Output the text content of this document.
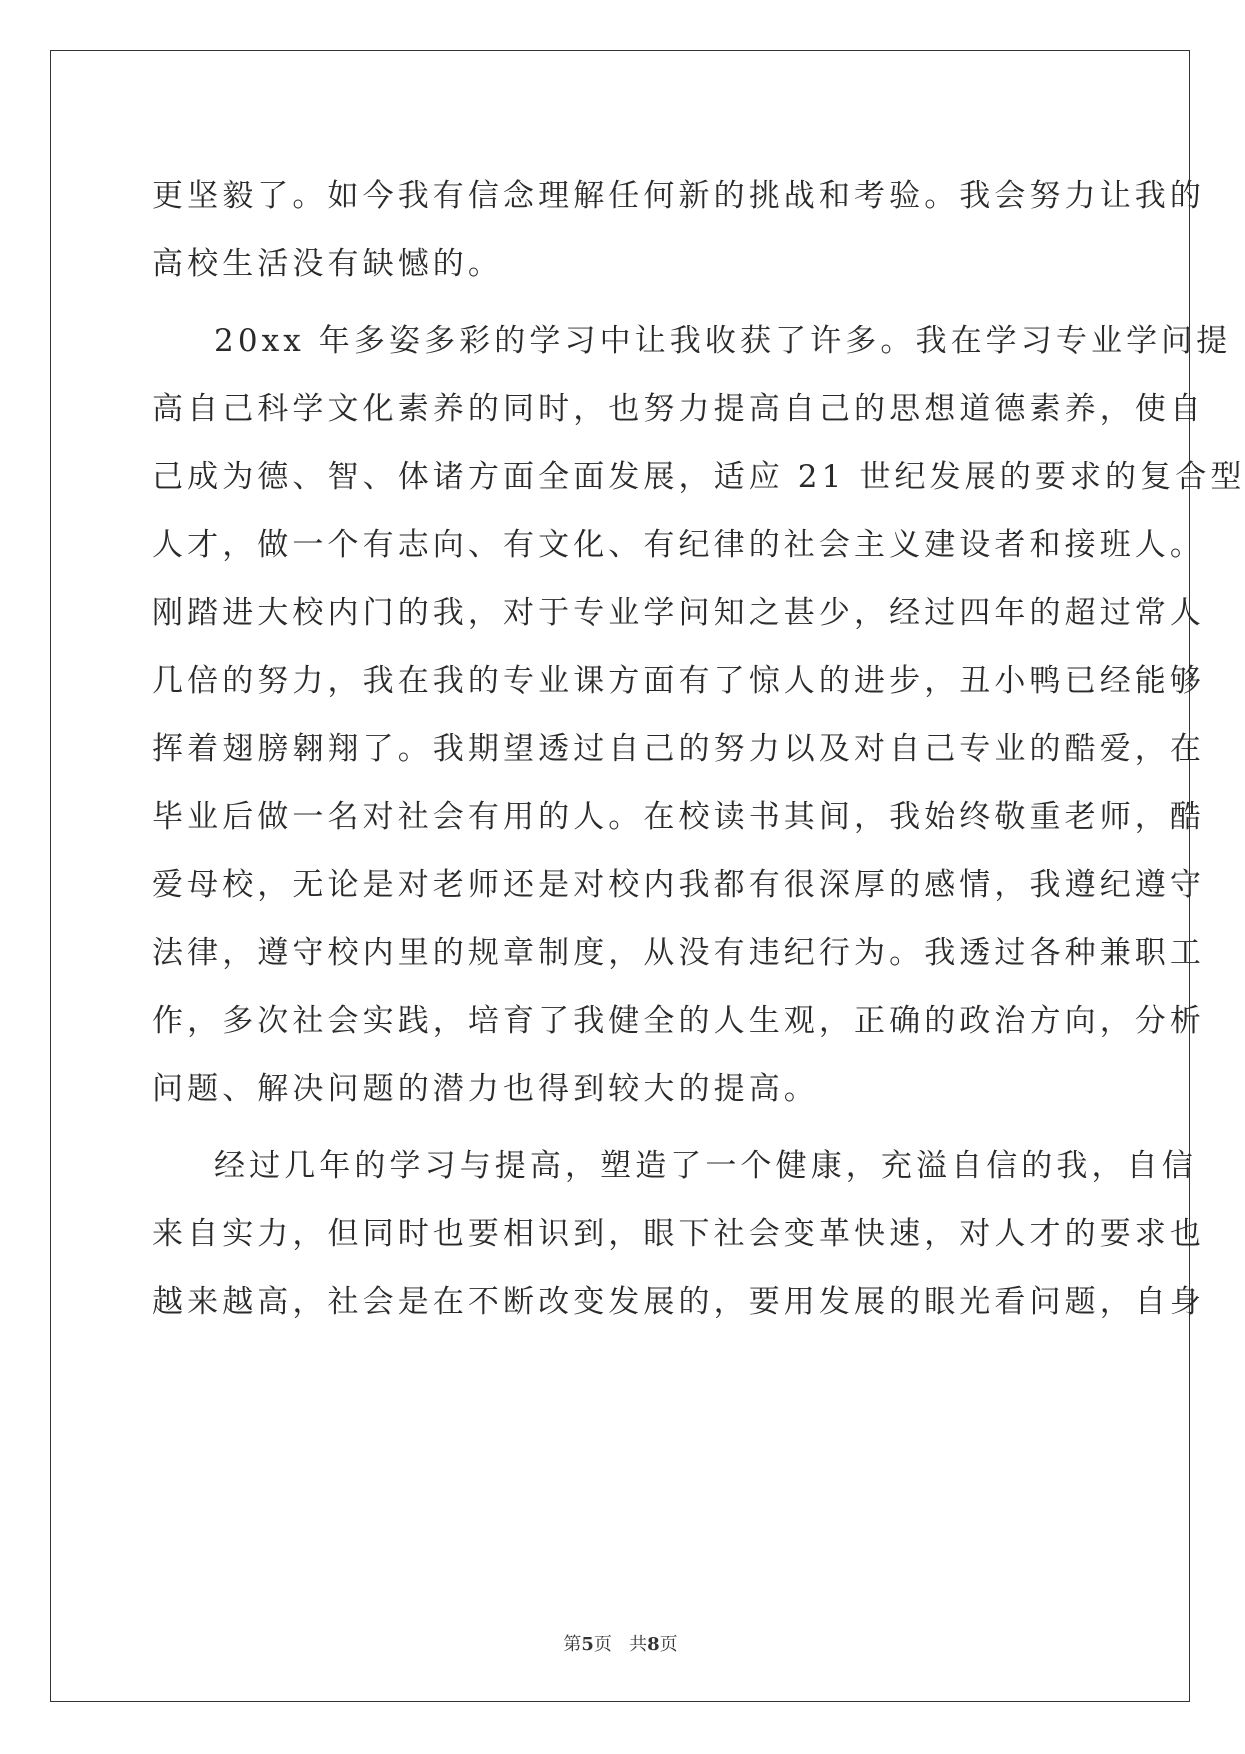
更坚毅了。如今我有信念理解任何新的挑战和考验。我会努力让我的
高校生活没有缺憾的。
20xx 年多姿多彩的学习中让我收获了许多。我在学习专业学问提
高自己科学文化素养的同时，也努力提高自己的思想道德素养，使自
己成为德、智、体诸方面全面发展，适应 21 世纪发展的要求的复合型
人才，做一个有志向、有文化、有纪律的社会主义建设者和接班人。
刚踏进大校内门的我，对于专业学问知之甚少，经过四年的超过常人
几倍的努力，我在我的专业课方面有了惊人的进步，丑小鸭已经能够
挥着翅膀翱翔了。我期望透过自己的努力以及对自己专业的酷爱，在
毕业后做一名对社会有用的人。在校读书其间，我始终敬重老师，酷
爱母校，无论是对老师还是对校内我都有很深厚的感情，我遵纪遵守
法律，遵守校内里的规章制度，从没有违纪行为。我透过各种兼职工
作，多次社会实践，培育了我健全的人生观，正确的政治方向，分析
问题、解决问题的潜力也得到较大的提高。
经过几年的学习与提高，塑造了一个健康，充溢自信的我，自信
来自实力，但同时也要相识到，眼下社会变革快速，对人才的要求也
越来越高，社会是在不断改变发展的，要用发展的眼光看问题，自身
第5页 共8页
